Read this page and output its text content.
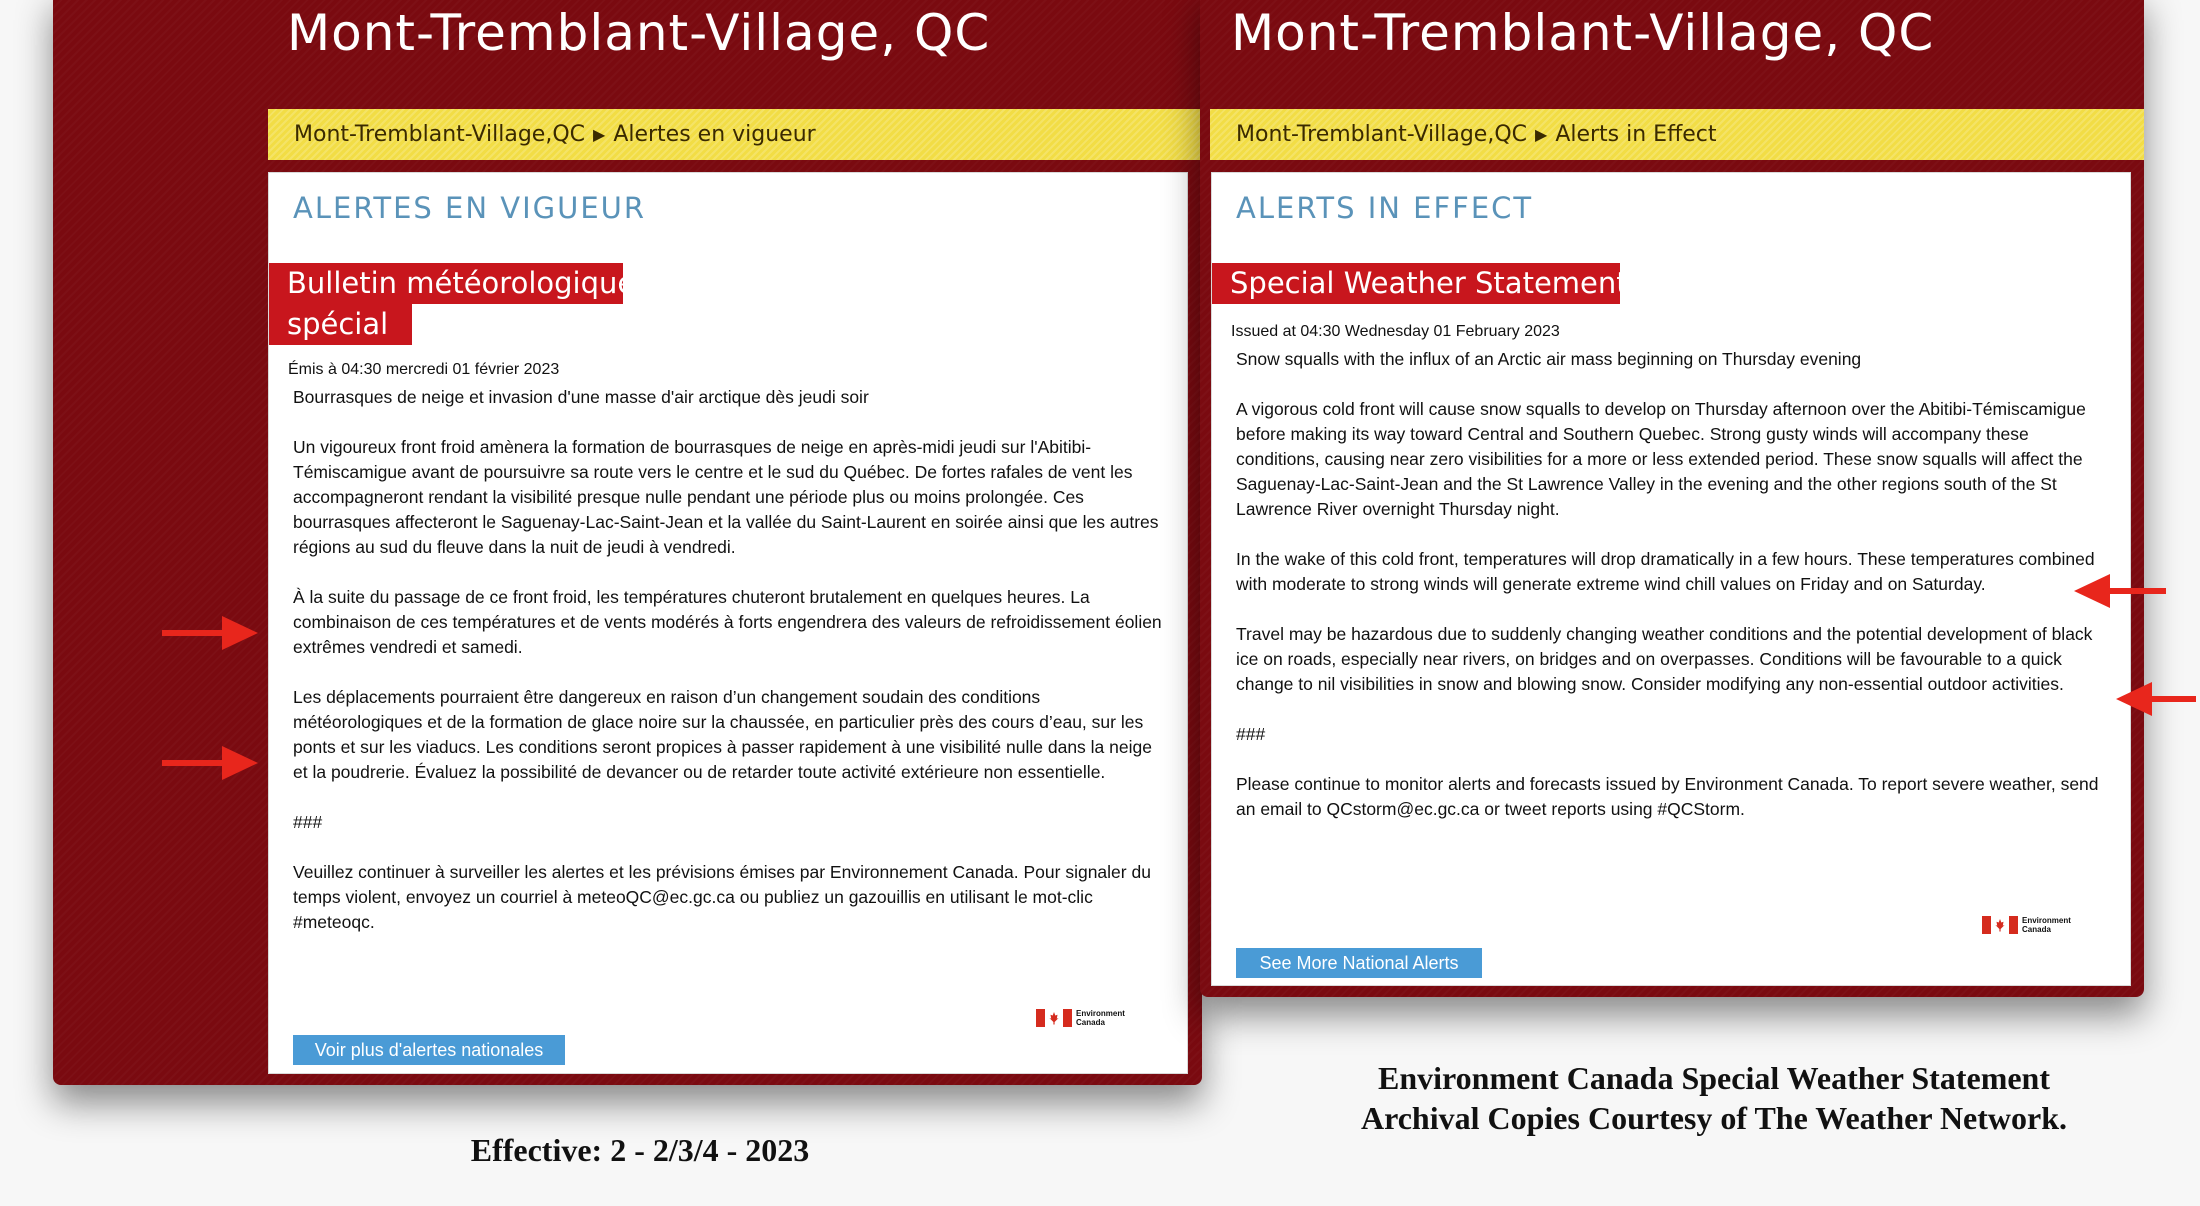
Mont-Tremblant-Village, QC
Mont-Tremblant-Village,QC ▶ Alertes en vigueur
ALERTES EN VIGUEUR
Bulletin météorologique
spécial
Émis à 04:30 mercredi 01 février 2023

Bourrasques de neige et invasion d'une masse d'air arctique dès jeudi soir

Un vigoureux front froid amènera la formation de bourrasques de neige en après-midi jeudi sur l'Abitibi-Témiscamigue avant de poursuivre sa route vers le centre et le sud du Québec. De fortes rafales de vent les accompagneront rendant la visibilité presque nulle pendant une période plus ou moins prolongée. Ces bourrasques affecteront le Saguenay-Lac-Saint-Jean et la vallée du Saint-Laurent en soirée ainsi que les autres régions au sud du fleuve dans la nuit de jeudi à vendredi.

À la suite du passage de ce front froid, les températures chuteront brutalement en quelques heures. La combinaison de ces températures et de vents modérés à forts engendrera des valeurs de refroidissement éolien extrêmes vendredi et samedi.

Les déplacements pourraient être dangereux en raison d’un changement soudain des conditions météorologiques et de la formation de glace noire sur la chaussée, en particulier près des cours d’eau, sur les ponts et sur les viaducs. Les conditions seront propices à passer rapidement à une visibilité nulle dans la neige et la poudrerie. Évaluez la possibilité de devancer ou de retarder toute activité extérieure non essentielle.

###

Veuillez continuer à surveiller les alertes et les prévisions émises par Environnement Canada. Pour signaler du temps violent, envoyez un courriel à meteoQC@ec.gc.ca ou publiez un gazouillis en utilisant le mot-clic #meteoqc.

Environment
Canada
Voir plus d'alertes nationales
Mont-Tremblant-Village, QC
Mont-Tremblant-Village,QC ▶ Alerts in Effect
ALERTS IN EFFECT
Special Weather Statement
Issued at 04:30 Wednesday 01 February 2023

Snow squalls with the influx of an Arctic air mass beginning on Thursday evening

A vigorous cold front will cause snow squalls to develop on Thursday afternoon over the Abitibi-Témiscamigue before making its way toward Central and Southern Quebec. Strong gusty winds will accompany these conditions, causing near zero visibilities for a more or less extended period. These snow squalls will affect the Saguenay-Lac-Saint-Jean and the St Lawrence Valley in the evening and the other regions south of the St Lawrence River overnight Thursday night.

In the wake of this cold front, temperatures will drop dramatically in a few hours. These temperatures combined with moderate to strong winds will generate extreme wind chill values on Friday and on Saturday.

Travel may be hazardous due to suddenly changing weather conditions and the potential development of black ice on roads, especially near rivers, on bridges and on overpasses. Conditions will be favourable to a quick change to nil visibilities in snow and blowing snow. Consider modifying any non-essential outdoor activities.

###

Please continue to monitor alerts and forecasts issued by Environment Canada. To report severe weather, send an email to QCstorm@ec.gc.ca or tweet reports using #QCStorm.

Environment
Canada
See More National Alerts
Environment Canada Special Weather Statement
Archival Copies Courtesy of The Weather Network.
Effective: 2 - 2/3/4 - 2023
